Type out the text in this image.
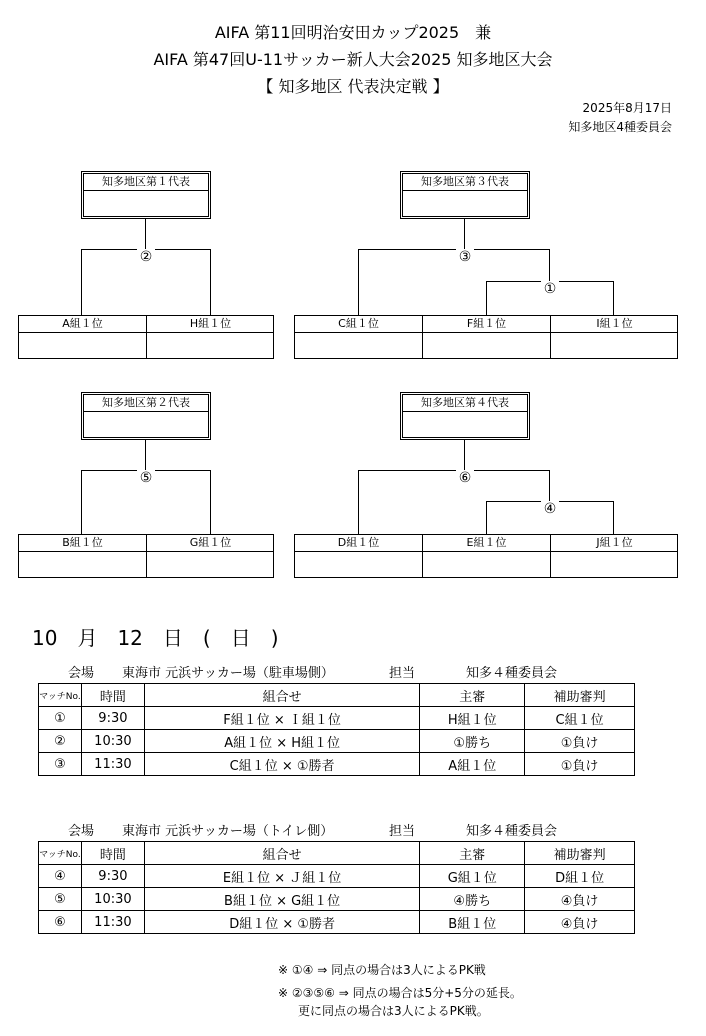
AIFA 第11回明治安田カップ2025　兼
AIFA 第47回U-11サッカー新人大会2025 知多地区大会
【 知多地区 代表決定戦 】
2025年8月17日
知多地区4種委員会
知多地区第１代表
②
A組１位	H組１位
知多地区第３代表
③
①
C組１位	F組１位	I組１位
知多地区第２代表
⑤
B組１位	G組１位
知多地区第４代表
⑥
④
D組１位	E組１位	J組１位
10　月　12　日　(　日　)
会場 東海市 元浜サッカー場（駐車場側）	担当	知多４種委員会
マッチNo.	時間	組合せ	主審	補助審判
①	9:30	F組１位 × Ｉ組１位	H組１位	C組１位
②	10:30	A組１位 × H組１位	①勝ち	①負け
③	11:30	C組１位 × ①勝者	A組１位	①負け
会場 東海市 元浜サッカー場（トイレ側）	担当	知多４種委員会
マッチNo.	時間	組合せ	主審	補助審判
④	9:30	E組１位 × Ｊ組１位	G組１位	D組１位
⑤	10:30	B組１位 × G組１位	④勝ち	④負け
⑥	11:30	D組１位 × ①勝者	B組１位	④負け
※ ①④ ⇒ 同点の場合は3人によるPK戦
※ ②③⑤⑥ ⇒ 同点の場合は5分+5分の延長。
更に同点の場合は3人によるPK戦。
